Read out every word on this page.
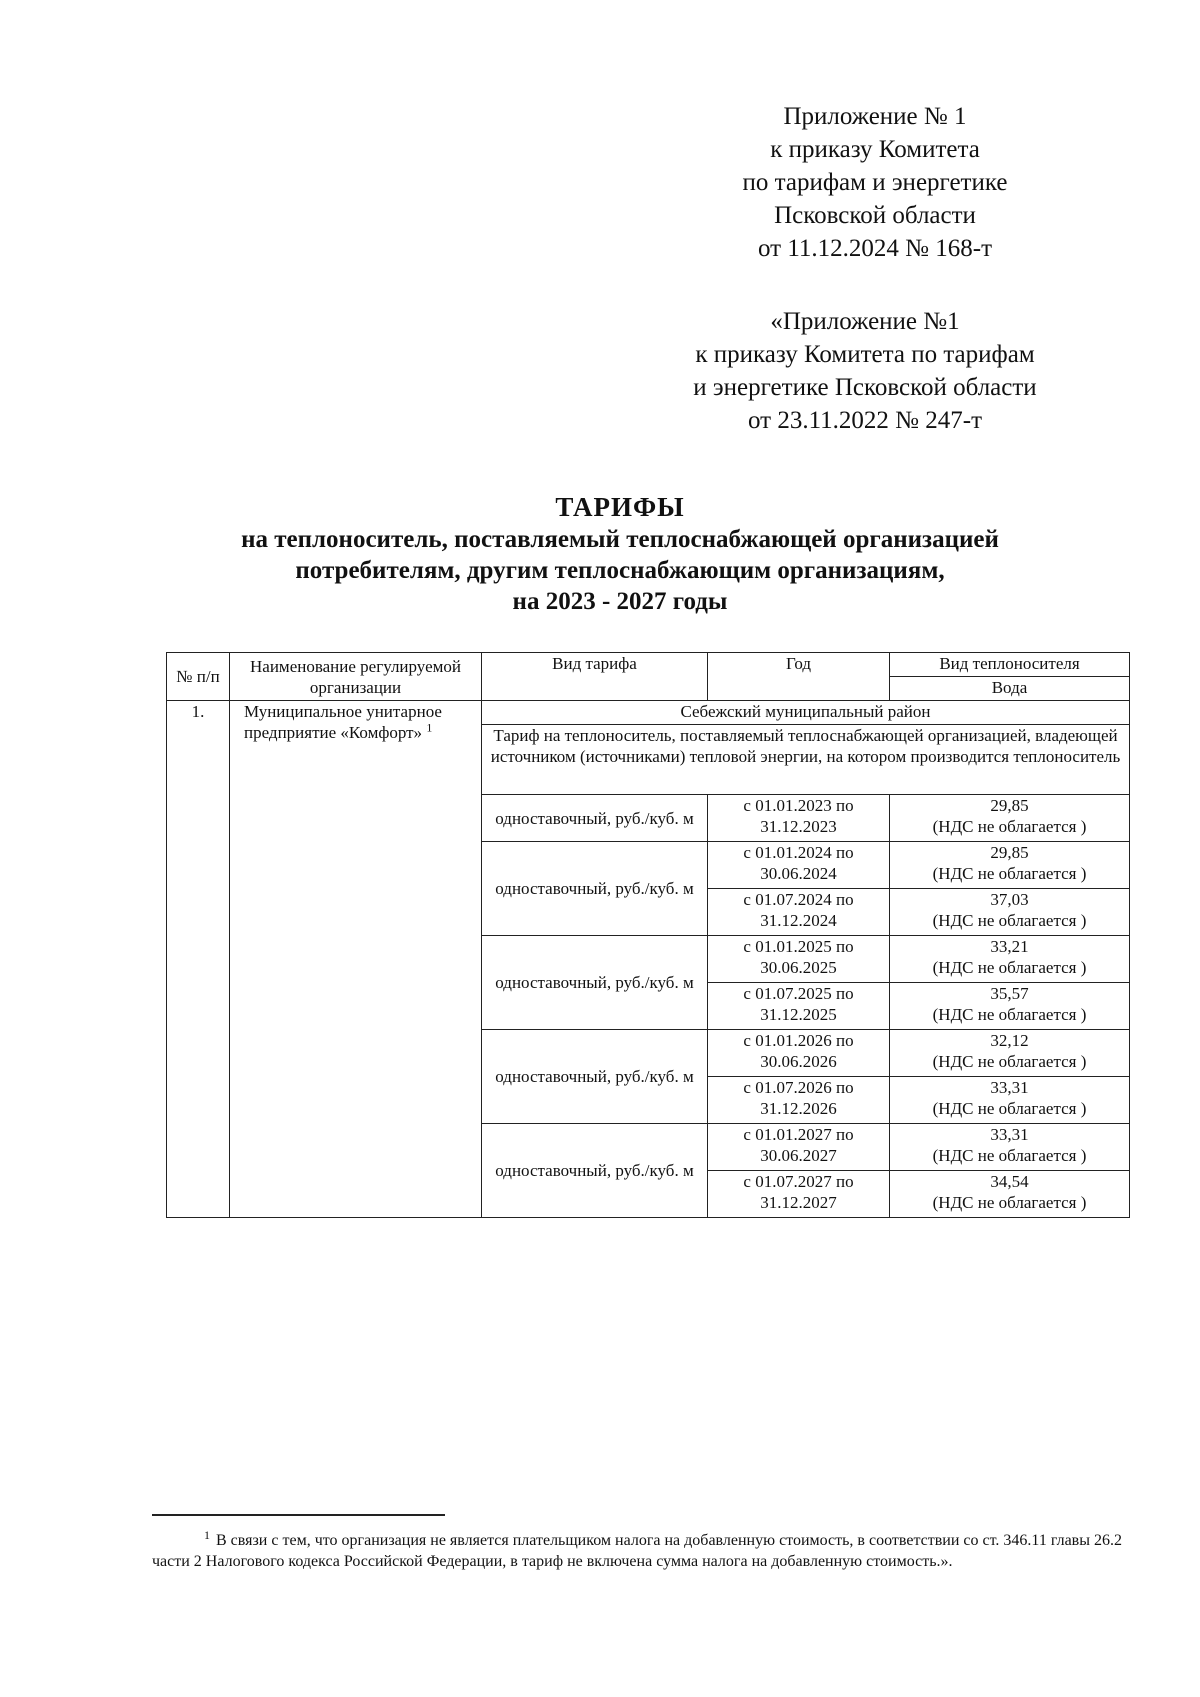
Приложение № 1
к приказу Комитета
по тарифам и энергетике
Псковской области
от 11.12.2024 № 168-т
«Приложение №1
к приказу Комитета по тарифам
и энергетике Псковской области
от 23.11.2022 № 247-т
ТАРИФЫ
на теплоноситель, поставляемый теплоснабжающей организацией
потребителям, другим теплоснабжающим организациям,
на 2023 - 2027 годы
№ п/п	Наименование регулируемой организации	Вид тарифа	Год	Вид теплоносителя
				Вода
1.	Муниципальное унитарное предприятие «Комфорт» $^1$	Себежский муниципальный район		
		Тариф на теплоноситель, поставляемый теплоснабжающей организацией, владеющей источником (источниками) тепловой энергии, на котором производится теплоноситель		
		одноставочный, руб./куб. м	с 01.01.2023 по 31.12.2023	29,85
(НДС не облагается )

		одноставочный, руб./куб. м	с 01.01.2024 по 30.06.2024	29,85
(НДС не облагается )

			с 01.07.2024 по 31.12.2024	37,03
(НДС не облагается )

		одноставочный, руб./куб. м	с 01.01.2025 по 30.06.2025	33,21
(НДС не облагается )

			с 01.07.2025 по 31.12.2025	35,57
(НДС не облагается )

		одноставочный, руб./куб. м	с 01.01.2026 по 30.06.2026	32,12
(НДС не облагается )

			с 01.07.2026 по 31.12.2026	33,31
(НДС не облагается )

		одноставочный, руб./куб. м	с 01.01.2027 по 30.06.2027	33,31
(НДС не облагается )

			с 01.07.2027 по 31.12.2027	34,54
(НДС не облагается )
$^1$ В связи с тем, что организация не является плательщиком налога на добавленную стоимость, в соответствии со ст. 346.11 главы 26.2 части 2 Налогового кодекса Российской Федерации, в тариф не включена сумма налога на добавленную стоимость.».
